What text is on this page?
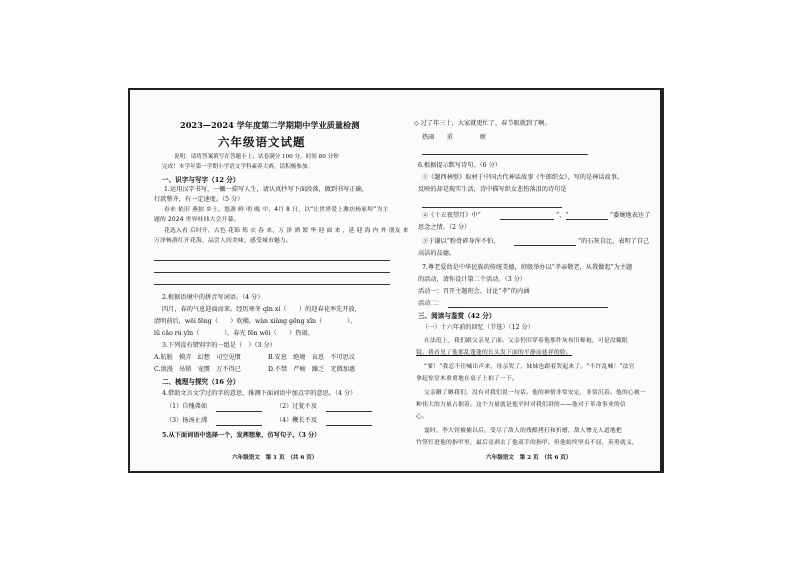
2023—2024 学年度第二学期期中学业质量检测
六年级语文试题
说明：请将答案填写在答题卡上；试卷满分 100 分，时间 80 分钟
完成！本学年第一学期小学语文学科素养大赛，请积极参加。
一、识字与写字（12 分）
1.运用汉字书写，一撇一捺写人生，请认真抄写下面段落，做到书写正确，
行款整齐，有一定速度。（5 分）
春来 依旧 燕掠 乡土，悠游 鲜 明 晚 中，4月 8 日，以“让世界爱上潍坊杨家埠”为主
题的 2024 世界桂纬大会开幕。
花选入看 后时开，古色 花锦 炼 衣 春 来，万 泽 洒 繁 华 迎 面 来 ，延 迎 海 内 外 朋友 来
万泽畅游红开花海，品尝人间美味，感受城市魅力。
2.根据语境中的拼音写词语。（4 分）
四月，春的气息迎面而来。经历寒冬 qīn xí（　　）的迎春花率先开放，
清明前后，wēi fēng（　　）吹拂，wàn xiàng gēng xīn（　　　　），
lǜ cǎo rú yīn（　　　　），春光 fēn wēi（　　）热闹。
3.下列没有错别字的一组是（　）（3 分）
A.肮脏　摸弄　幻想　司空见惯	B.安息　绝境　哀思　不可思议
C.浪漫　吊销　宠惯　万不得已	D.不禁　严峻　躁乏　无微加惠
二、梳理与探究（16 分）
4.借助文言文学过的字的意思，推测下面词语中加点字的意思。（4 分）
（1）自愧弗如	（2）过犹不及
（3）扬汤止沸	（4）鞭长不及
5.从下面词语中选择一个，发挥想象，仿写句子。（3 分）
六年级语文　第 1 页　（共 6 页）
◇ 过了年三十，大家就更忙了，春节眼就到了啊。
热闹　　重　　　　 烦
6.根据提示默写诗句。（6 分）
①《题西林壁》取材于中国古代神话故事《牛郎织女》，写的是神话故事。
反映的却是现实生活，诗中描写织女悲伤落泪的诗句是
②《十五夜望月》中“	”，“	”委婉地表达了
思念之情。（2 分）
③于谦以“粉骨碎身浑不怕，	”的石灰自比，表明了自己
高洁的品德。
7.尊老爱幼是中华民族的传统美德，班级举办以“孝亲敬老，从我做起”为主题
的活动，请你设计第二个活动。（3 分）
活动一：召开主题班会，讨论“孝”的内涵
活动二：
三、阅读与鉴赏（42 分）
（一）十六年前的回忆（节选）（12 分）
在法庭上，我们跟父亲见了面。父亲仍旧穿着他那件灰布旧棉袍，可是没戴眼
镜。我看见了他那乱蓬蓬的长头发下面的平静而慈祥的脸。
“爹！”我忍不住喊出声来，母亲哭了，妹妹也跟着哭起来了。“不许乱喊！”法官
拿起惊堂木重重地在桌子上拍了一下。
父亲瞅了瞅我们，没有对我们说一句话。他的神情非常安定，非常沉着。他的心被一
种伟大的力量占据着。这个力量就是他平时对我们讲的——他对于革命事业的信
心。
霎时，李大钊被捕以后，受尽了敌人的残酷拷打和折磨，敌人惨无人道地把
竹签钉进他的指甲里，最后竟剥去了他双手的指甲。但他始终坚贞不屈，英勇就义，
六年级语文　第 2 页　（共 6 页）
